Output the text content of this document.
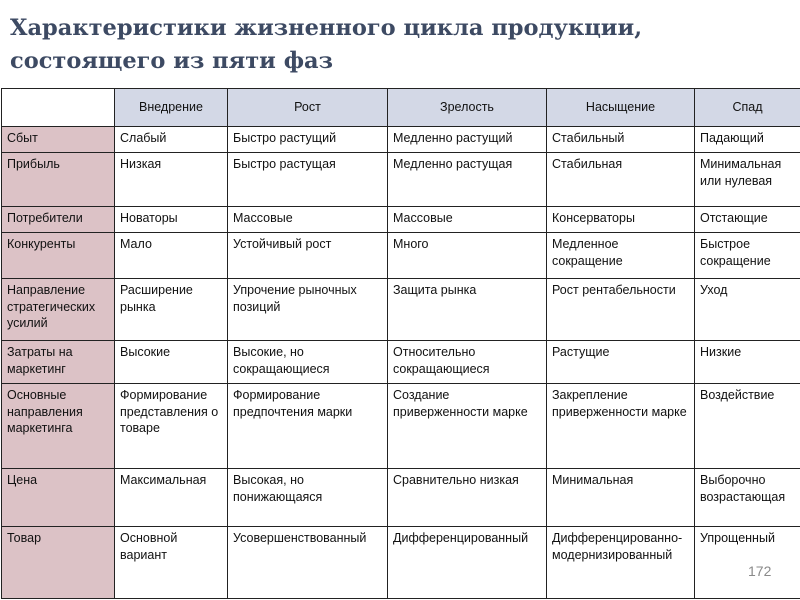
Характеристики жизненного цикла продукции, состоящего из пяти фаз
	Внедрение	Рост	Зрелость	Насыщение	Спад
Сбыт	Слабый	Быстро растущий	Медленно растущий	Стабильный	Падающий
Прибыль	Низкая	Быстро растущая	Медленно растущая	Стабильная	Минимальная или нулевая
Потребители	Новаторы	Массовые	Массовые	Консерваторы	Отстающие
Конкуренты	Мало	Устойчивый рост	Много	Медленное сокращение	Быстрое сокращение
Направление стратегических усилий	Расширение рынка	Упрочение рыночных позиций	Защита рынка	Рост рентабельности	Уход
Затраты на маркетинг	Высокие	Высокие, но сокращающиеся	Относительно сокращающиеся	Растущие	Низкие
Основные направления маркетинга	Формирование представления о товаре	Формирование предпочтения марки	Создание приверженности марке	Закрепление приверженности марке	Воздействие
Цена	Максимальная	Высокая, но понижающаяся	Сравнительно низкая	Минимальная	Выборочно возрастающая
Товар	Основной вариант	Усовершенствованный	Дифференцированный	Дифференцированно-модернизированный	Упрощенный
172
